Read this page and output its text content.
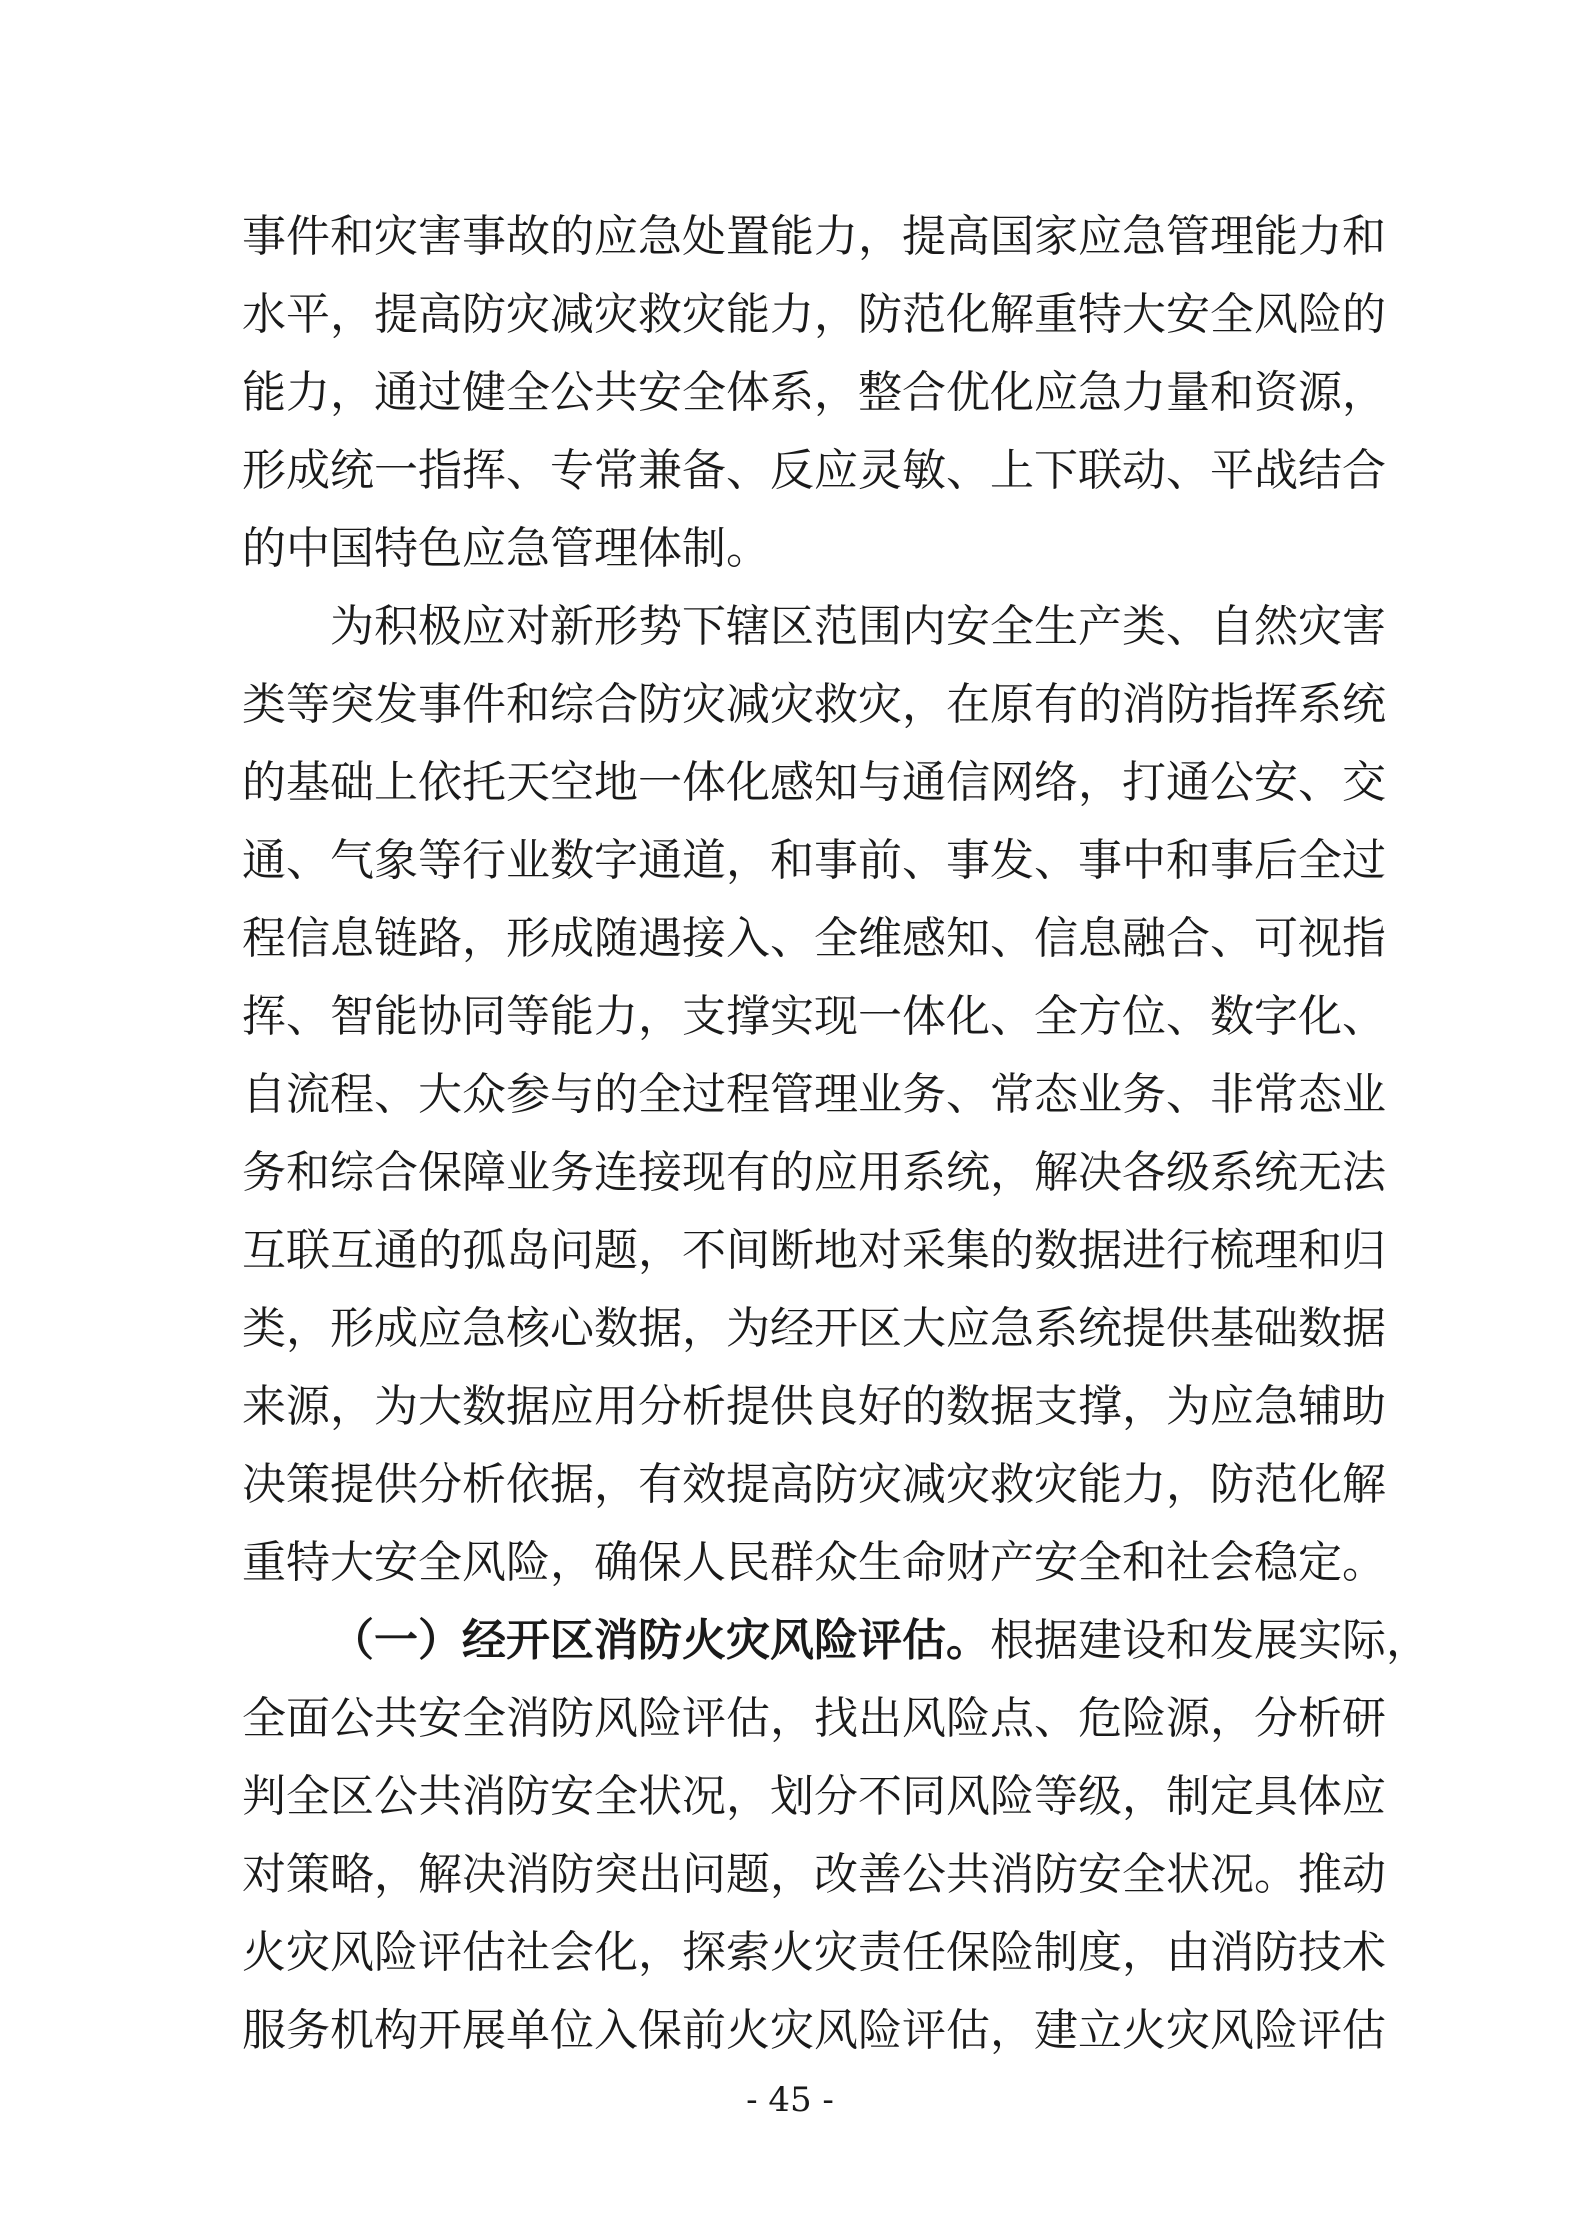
事件和灾害事故的应急处置能力，提高国家应急管理能力和
水平，提高防灾减灾救灾能力，防范化解重特大安全风险的
能力，通过健全公共安全体系，整合优化应急力量和资源，
形成统一指挥、专常兼备、反应灵敏、上下联动、平战结合
的中国特色应急管理体制。
为积极应对新形势下辖区范围内安全生产类、自然灾害
类等突发事件和综合防灾减灾救灾，在原有的消防指挥系统
的基础上依托天空地一体化感知与通信网络，打通公安、交
通、气象等行业数字通道，和事前、事发、事中和事后全过
程信息链路，形成随遇接入、全维感知、信息融合、可视指
挥、智能协同等能力，支撑实现一体化、全方位、数字化、
自流程、大众参与的全过程管理业务、常态业务、非常态业
务和综合保障业务连接现有的应用系统，解决各级系统无法
互联互通的孤岛问题，不间断地对采集的数据进行梳理和归
类，形成应急核心数据，为经开区大应急系统提供基础数据
来源，为大数据应用分析提供良好的数据支撑，为应急辅助
决策提供分析依据，有效提高防灾减灾救灾能力，防范化解
重特大安全风险，确保人民群众生命财产安全和社会稳定。
（一）经开区消防火灾风险评估。根据建设和发展实际，
全面公共安全消防风险评估，找出风险点、危险源，分析研
判全区公共消防安全状况，划分不同风险等级，制定具体应
对策略，解决消防突出问题，改善公共消防安全状况。推动
火灾风险评估社会化，探索火灾责任保险制度，由消防技术
服务机构开展单位入保前火灾风险评估，建立火灾风险评估
- 45 -
